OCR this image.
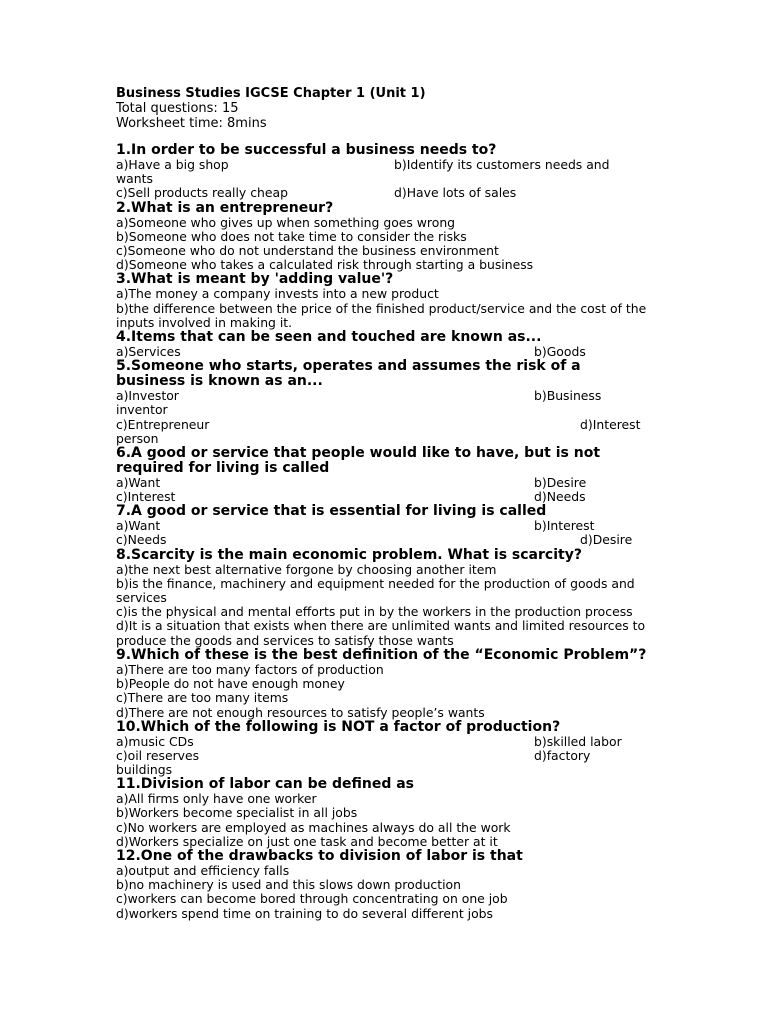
Business Studies IGCSE Chapter 1 (Unit 1)
Total questions: 15
Worksheet time: 8mins
1.In order to be successful a business needs to?
a)Have a big shop	b)Identify its customers needs and
wants
c)Sell products really cheap	d)Have lots of sales
2.What is an entrepreneur?
a)Someone who gives up when something goes wrong
b)Someone who does not take time to consider the risks
c)Someone who do not understand the business environment
d)Someone who takes a calculated risk through starting a business
3.What is meant by 'adding value'?
a)The money a company invests into a new product
b)the difference between the price of the finished product/service and the cost of the inputs involved in making it.
4.Items that can be seen and touched are known as...
a)Services	b)Goods
5.Someone who starts, operates and assumes the risk of a business is known as an...
a)Investor	b)Business
inventor
c)Entrepreneur	d)Interest
person
6.A good or service that people would like to have, but is not required for living is called
a)Want	b)Desire
c)Interest	d)Needs
7.A good or service that is essential for living is called
a)Want	b)Interest
c)Needs	d)Desire
8.Scarcity is the main economic problem. What is scarcity?
a)the next best alternative forgone by choosing another item
b)is the finance, machinery and equipment needed for the production of goods and services
c)is the physical and mental efforts put in by the workers in the production process
d)It is a situation that exists when there are unlimited wants and limited resources to produce the goods and services to satisfy those wants
9.Which of these is the best definition of the “Economic Problem”?
a)There are too many factors of production
b)People do not have enough money
c)There are too many items
d)There are not enough resources to satisfy people’s wants
10.Which of the following is NOT a factor of production?
a)music CDs	b)skilled labor
c)oil reserves	d)factory
buildings
11.Division of labor can be defined as
a)All firms only have one worker
b)Workers become specialist in all jobs
c)No workers are employed as machines always do all the work
d)Workers specialize on just one task and become better at it
12.One of the drawbacks to division of labor is that
a)output and efficiency falls
b)no machinery is used and this slows down production
c)workers can become bored through concentrating on one job
d)workers spend time on training to do several different jobs
